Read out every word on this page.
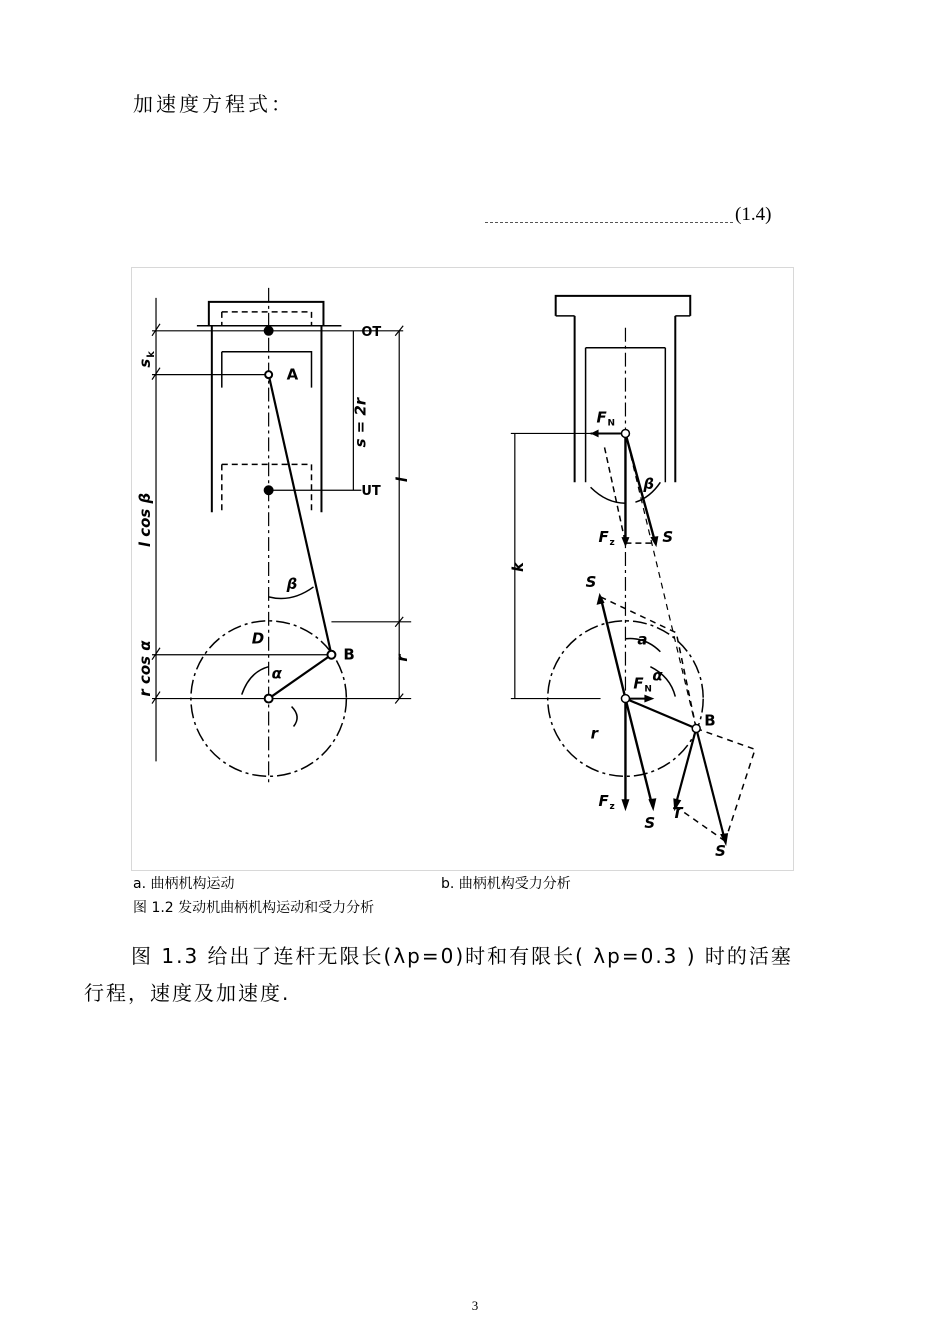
加速度方程式：
(1.4)
A
B
D
α
β
OT
UT
s
k
l cos β
r cos α
s = 2r
l
r
F N
F z	S
S
β
a
α
F N
B
k
r
F z
S
T
S
a. 曲柄机构运动	b. 曲柄机构受力分析
图 1.2 发动机曲柄机构运动和受力分析
图 1.3 给出了连杆无限长(λp=0)时和有限长( λp=0.3 ) 时的活塞
行程，速度及加速度.
3
